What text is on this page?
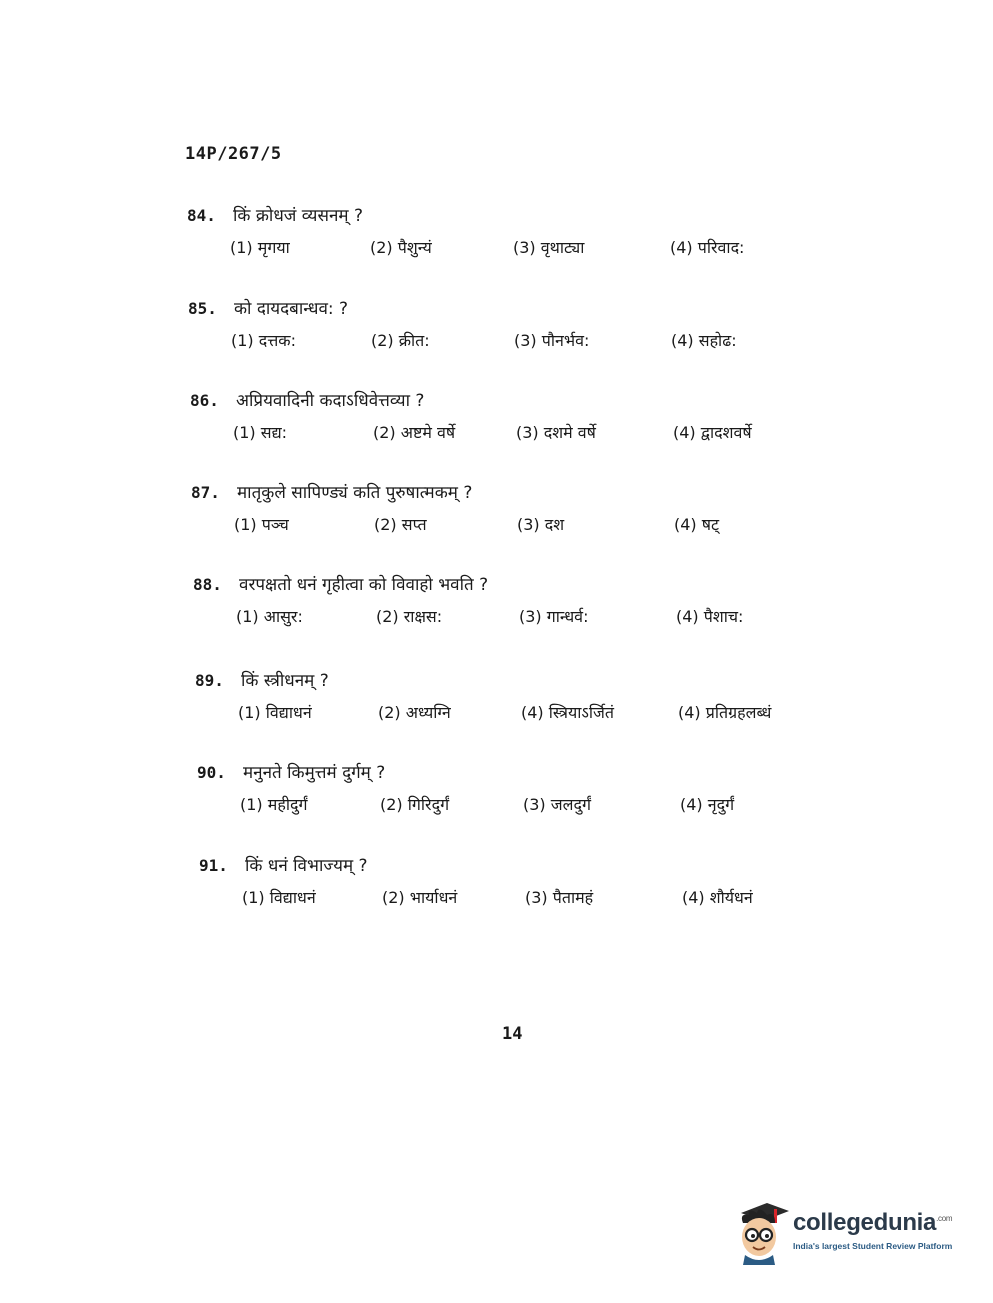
14P/267/5
84.	किं क्रोधजं व्यसनम् ?
(1) मृगया	(2) पैशुन्यं	(3) वृथाट्या	(4) परिवाद:
85.	को दायदबान्धव: ?
(1) दत्तक:	(2) क्रीत:	(3) पौनर्भव:	(4) सहोढ:
86.	अप्रियवादिनी कदाऽधिवेत्तव्या ?
(1) सद्य:	(2) अष्टमे वर्षे	(3) दशमे वर्षे	(4) द्वादशवर्षे
87.	मातृकुले सापिण्ड्यं कति पुरुषात्मकम् ?
(1) पञ्च	(2) सप्त	(3) दश	(4) षट्
88.	वरपक्षतो धनं गृहीत्वा को विवाहो भवति ?
(1) आसुर:	(2) राक्षस:	(3) गान्धर्व:	(4) पैशाच:
89.	किं स्त्रीधनम् ?
(1) विद्याधनं	(2) अध्यग्नि	(4) स्त्रियाऽर्जितं	(4) प्रतिग्रहलब्धं
90.	मनुनते किमुत्तमं दुर्गम् ?
(1) महीदुर्गं	(2) गिरिदुर्गं	(3) जलदुर्गं	(4) नृदुर्गं
91.	किं धनं विभाज्यम् ?
(1) विद्याधनं	(2) भार्याधनं	(3) पैतामहं	(4) शौर्यधनं
14
collegedunia$^{.com}$
India's largest Student Review Platform
